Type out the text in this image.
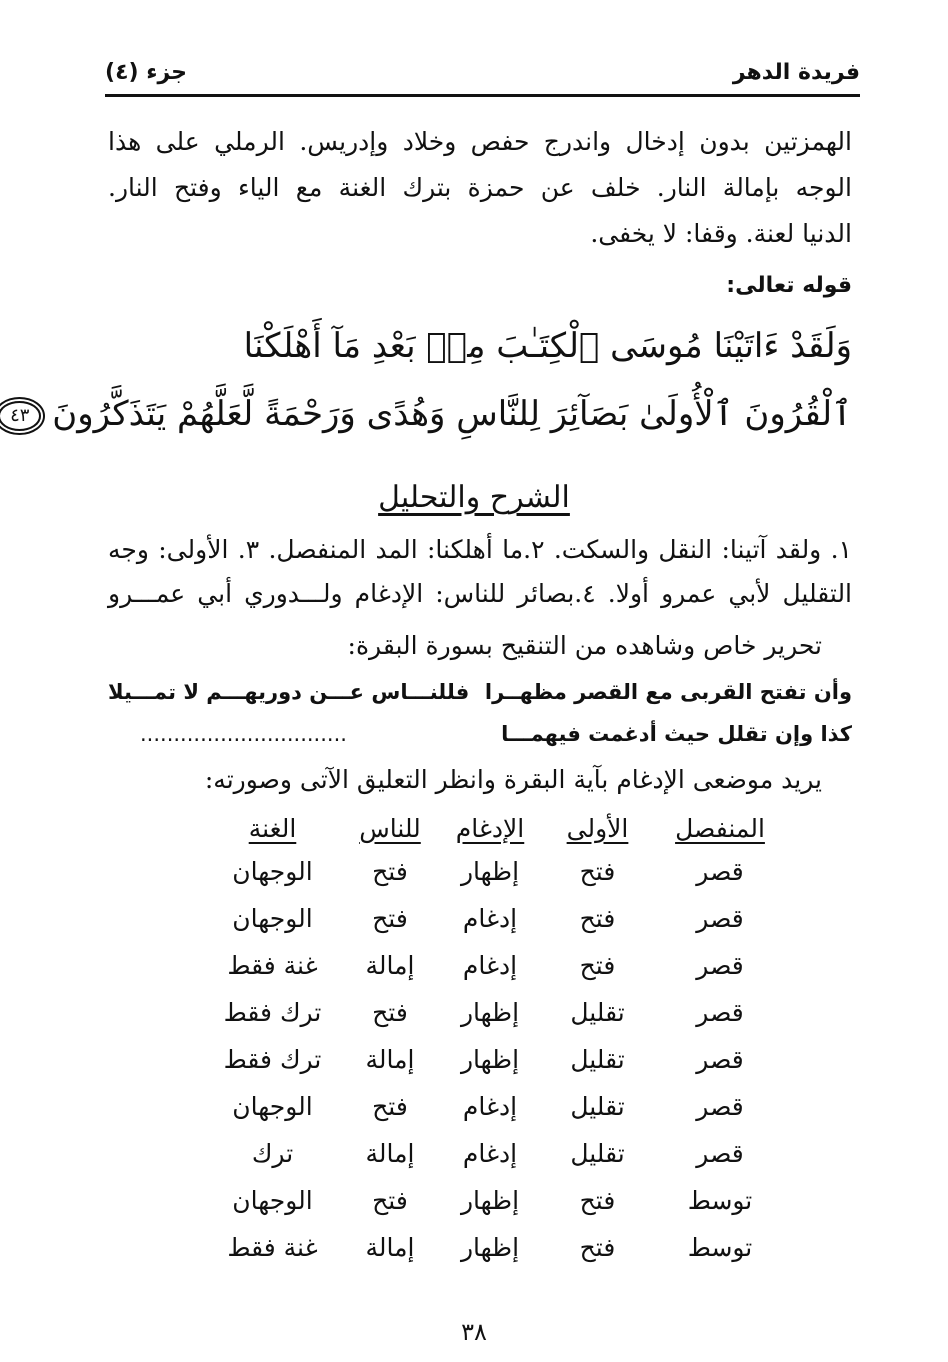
فريدة الدهر
جزء (٤)
الهمزتين بدون إدخال واندرج حفص وخلاد وإدريس. الرملي على هذا
الوجه بإمالة النار. خلف عن حمزة بترك الغنة مع الياء وفتح النار.
الدنيا لعنة. وقفا: لا يخفى.
قوله تعالى:
وَلَقَدْ ءَاتَيْنَا مُوسَى ٱلْكِتَـٰبَ مِنۢ بَعْدِ مَآ أَهْلَكْنَا
ٱلْقُرُونَ ٱلْأُولَىٰ بَصَآئِرَ لِلنَّاسِ وَهُدًى وَرَحْمَةً لَّعَلَّهُمْ يَتَذَكَّرُونَ ٤٣
الشرح والتحليل
١. ولقد آتينا: النقل والسكت. ٢.ما أهلكنا: المد المنفصل. ٣. الأولى: وجه
التقليل لأبي عمرو أولا. ٤.بصائر للناس: الإدغام ولـــدوري أبي عمـــرو
تحرير خاص وشاهده من التنقيح بسورة البقرة:
وأن تفتح القربى مع القصر مظهــرا
فللنـــاس عـــن دوريهـــم لا تمـــيلا
كذا وإن تقلل حيث أدغمت فيهمـــا
...............................
يريد موضعى الإدغام بآية البقرة وانظر التعليق الآتى وصورته:
المنفصل	الأولى	الإدغام	للناس	الغنة
قصر	فتح	إظهار	فتح	الوجهان
قصر	فتح	إدغام	فتح	الوجهان
قصر	فتح	إدغام	إمالة	غنة فقط
قصر	تقليل	إظهار	فتح	ترك فقط
قصر	تقليل	إظهار	إمالة	ترك فقط
قصر	تقليل	إدغام	فتح	الوجهان
قصر	تقليل	إدغام	إمالة	ترك
توسط	فتح	إظهار	فتح	الوجهان
توسط	فتح	إظهار	إمالة	غنة فقط
٣٨
